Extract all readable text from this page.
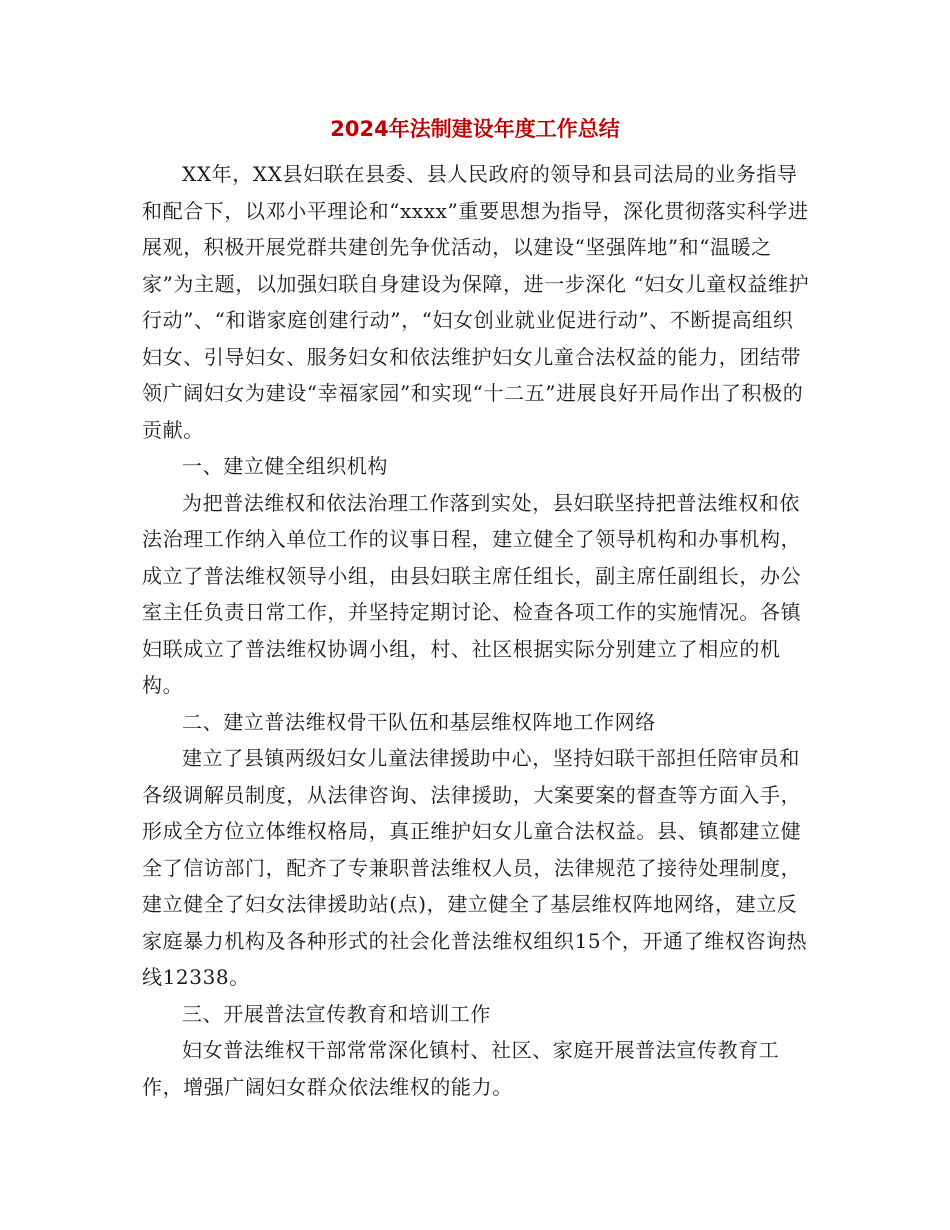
2024年法制建设年度工作总结

XX年，XX县妇联在县委、县人民政府的领导和县司法局的业务指导和配合下，以邓小平理论和“xxxx”重要思想为指导，深化贯彻落实科学进展观，积极开展党群共建创先争优活动，以建设“坚强阵地”和“温暖之家”为主题，以加强妇联自身建设为保障，进一步深化 “妇女儿童权益维护行动”、“和谐家庭创建行动”，“妇女创业就业促进行动”、不断提高组织妇女、引导妇女、服务妇女和依法维护妇女儿童合法权益的能力，团结带领广阔妇女为建设“幸福家园”和实现“十二五”进展良好开局作出了积极的贡献。

一、建立健全组织机构

为把普法维权和依法治理工作落到实处，县妇联坚持把普法维权和依法治理工作纳入单位工作的议事日程，建立健全了领导机构和办事机构，成立了普法维权领导小组，由县妇联主席任组长，副主席任副组长，办公室主任负责日常工作，并坚持定期讨论、检查各项工作的实施情况。各镇妇联成立了普法维权协调小组，村、社区根据实际分别建立了相应的机构。

二、建立普法维权骨干队伍和基层维权阵地工作网络

建立了县镇两级妇女儿童法律援助中心，坚持妇联干部担任陪审员和各级调解员制度，从法律咨询、法律援助，大案要案的督查等方面入手，形成全方位立体维权格局，真正维护妇女儿童合法权益。县、镇都建立健全了信访部门，配齐了专兼职普法维权人员，法律规范了接待处理制度，建立健全了妇女法律援助站(点)，建立健全了基层维权阵地网络，建立反家庭暴力机构及各种形式的社会化普法维权组织15个，开通了维权咨询热线12338。

三、开展普法宣传教育和培训工作

妇女普法维权干部常常深化镇村、社区、家庭开展普法宣传教育工作，增强广阔妇女群众依法维权的能力。
